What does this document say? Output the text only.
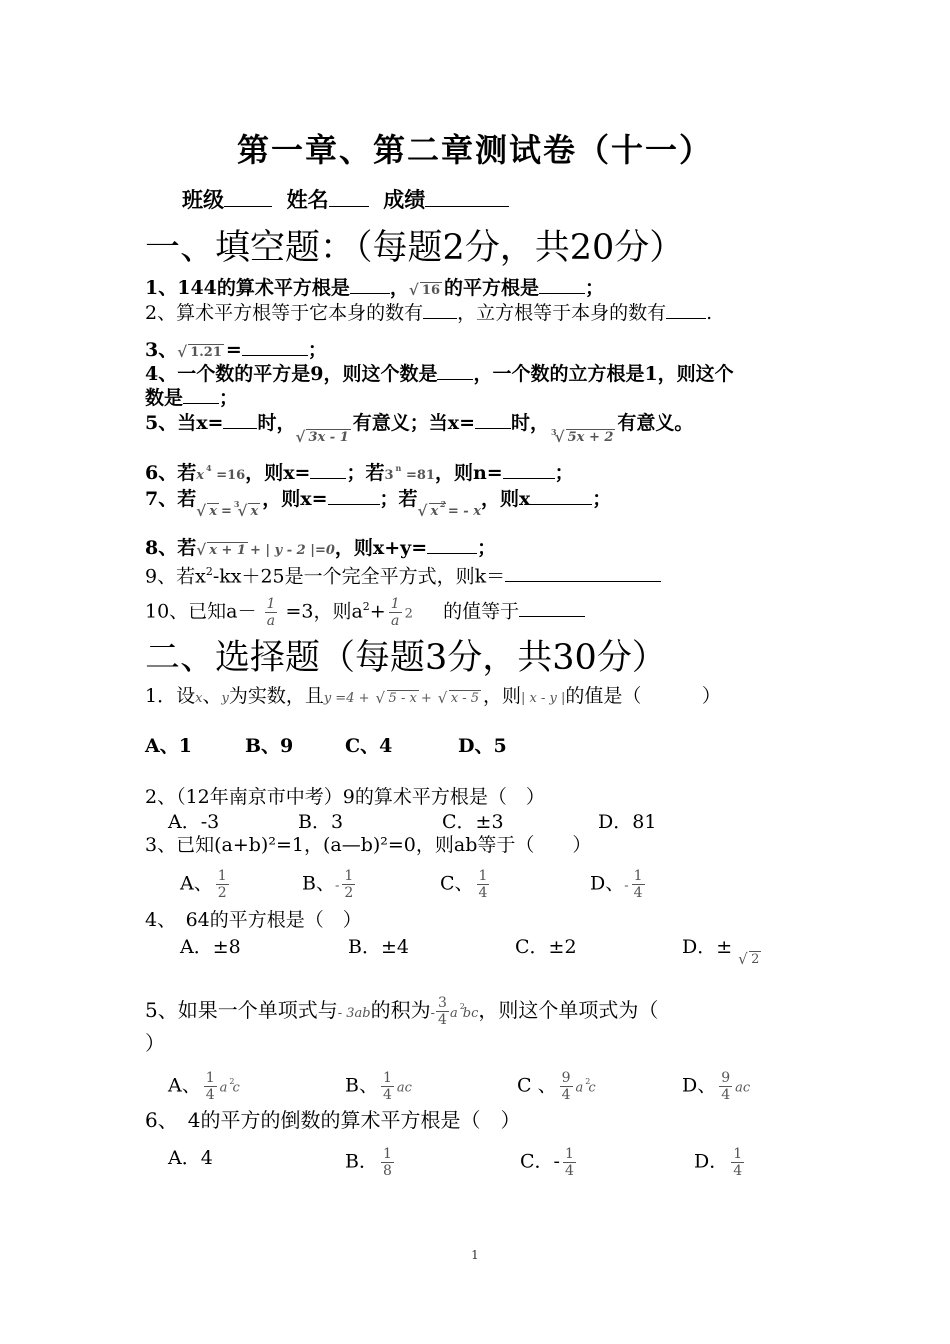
第一章、第二章测试卷（十一）
班级	姓名	成绩
一、填空题：（每题2分，共20分）
1、144的算术平方根是 ， √ 16 的平方根是 ；
2、算术平方根等于它本身的数有 ，立方根等于本身的数有 .
3、 √ 1.21 =	；
4、一个数的平方是9，则这个数是 ，一个数的立方根是1，则这个
数是 ；
5、当x= 时，√ 3x - 1有意义；当x= 时， $_3$ √ 5x + 2有意义。
6、若x $^4$ =16，则x= ；若3 $^n$ =81，则n=	；
7、若√ x $_=$ 3 √ x，则x=	；若√ x $^2$ $_{= - x}$，则x	；
8、若 √ x + 1 + | y - 2 |=0，则x+y=	；
9、若$x^2-kx+25$是一个完全平方式，则k＝
10、已知$a- \frac{1}{a} =3$，则$a^2+ \frac{1}{a} 2$ 的值等于
二、选择题（每题3分，共30分）
1．设x、y为实数，且y =4 + √ 5 - x + √ x - 5 ，则| x - y |的值是（	）
A、1	B、9	C、4	D、5
2、（12年南京市中考）9的算术平方根是（　）
A．-3	B．3	C．±3	D．81
3、已知(a+b)²=1，(a—b)²=0，则ab等于（　　）
A、 $\frac{1}{2}$	B、- $\frac{1}{2}$	C、 $\frac{1}{4}$	D、- $\frac{1}{4}$
4、　64的平方根是（　）
A．±8	B．±4	C．±2	D．±√ 2
5、如果一个单项式与- 3ab的积为- $\frac{3}{4}$ a $^2$bc，则这个单项式为（
）
A、 $\frac{1}{4}$ a $^2$c	B、 $\frac{1}{4}$ ac	C 、 $\frac{9}{4}$ a $^2$c	D、 $\frac{9}{4}$ ac
6、　4的平方的倒数的算术平方根是（　）
A．4	B． $\frac{1}{8}$	C．- $\frac{1}{4}$	D． $\frac{1}{4}$
1
